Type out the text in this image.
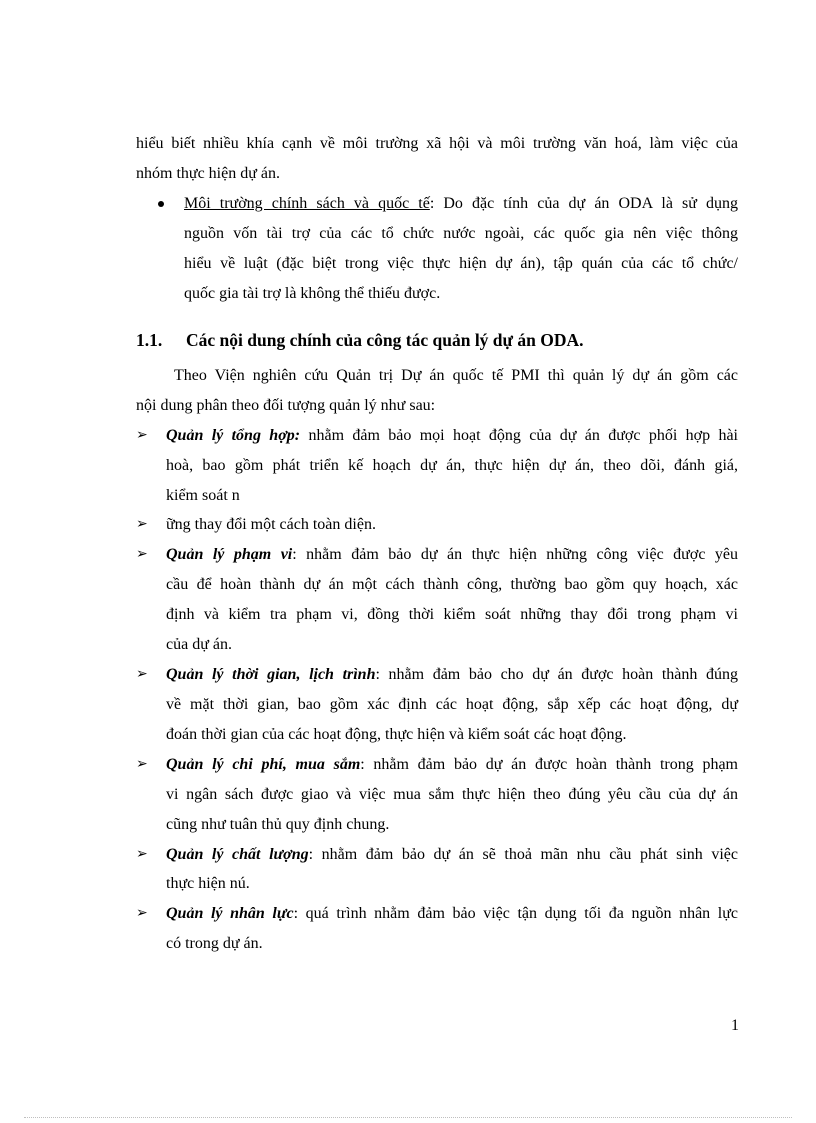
hiểu biết nhiều khía cạnh về môi trường xã hội và môi trường văn hoá, làm việc của
nhóm thực hiện dự án.
Môi trường chính sách và quốc tế: Do đặc tính của dự án ODA là sử dụng
nguồn vốn tài trợ của các tổ chức nước ngoài, các quốc gia nên việc thông
hiểu về luật (đặc biệt trong việc thực hiện dự án), tập quán của các tổ chức/
quốc gia tài trợ là không thể thiếu được.
1.1. Các nội dung chính của công tác quản lý dự án ODA.
Theo Viện nghiên cứu Quản trị Dự án quốc tế PMI thì quản lý dự án gồm các
nội dung phân theo đối tượng quản lý như sau:
➢ Quản lý tổng hợp: nhằm đảm bảo mọi hoạt động của dự án được phối hợp hài
hoà, bao gồm phát triển kế hoạch dự án, thực hiện dự án, theo dõi, đánh giá,
kiểm soát n
➢ ững thay đổi một cách toàn diện.
➢ Quản lý phạm vi: nhằm đảm bảo dự án thực hiện những công việc được yêu
cầu để hoàn thành dự án một cách thành công, thường bao gồm quy hoạch, xác
định và kiểm tra phạm vi, đồng thời kiểm soát những thay đổi trong phạm vi
của dự án.
➢ Quản lý thời gian, lịch trình: nhằm đảm bảo cho dự án được hoàn thành đúng
về mặt thời gian, bao gồm xác định các hoạt động, sắp xếp các hoạt động, dự
đoán thời gian của các hoạt động, thực hiện và kiểm soát các hoạt động.
➢ Quản lý chi phí, mua sắm: nhằm đảm bảo dự án được hoàn thành trong phạm
vi ngân sách được giao và việc mua sắm thực hiện theo đúng yêu cầu của dự án
cũng như tuân thủ quy định chung.
➢ Quản lý chất lượng: nhằm đảm bảo dự án sẽ thoả mãn nhu cầu phát sinh việc
thực hiện nú.
➢ Quản lý nhân lực: quá trình nhằm đảm bảo việc tận dụng tối đa nguồn nhân lực
có trong dự án.
1
